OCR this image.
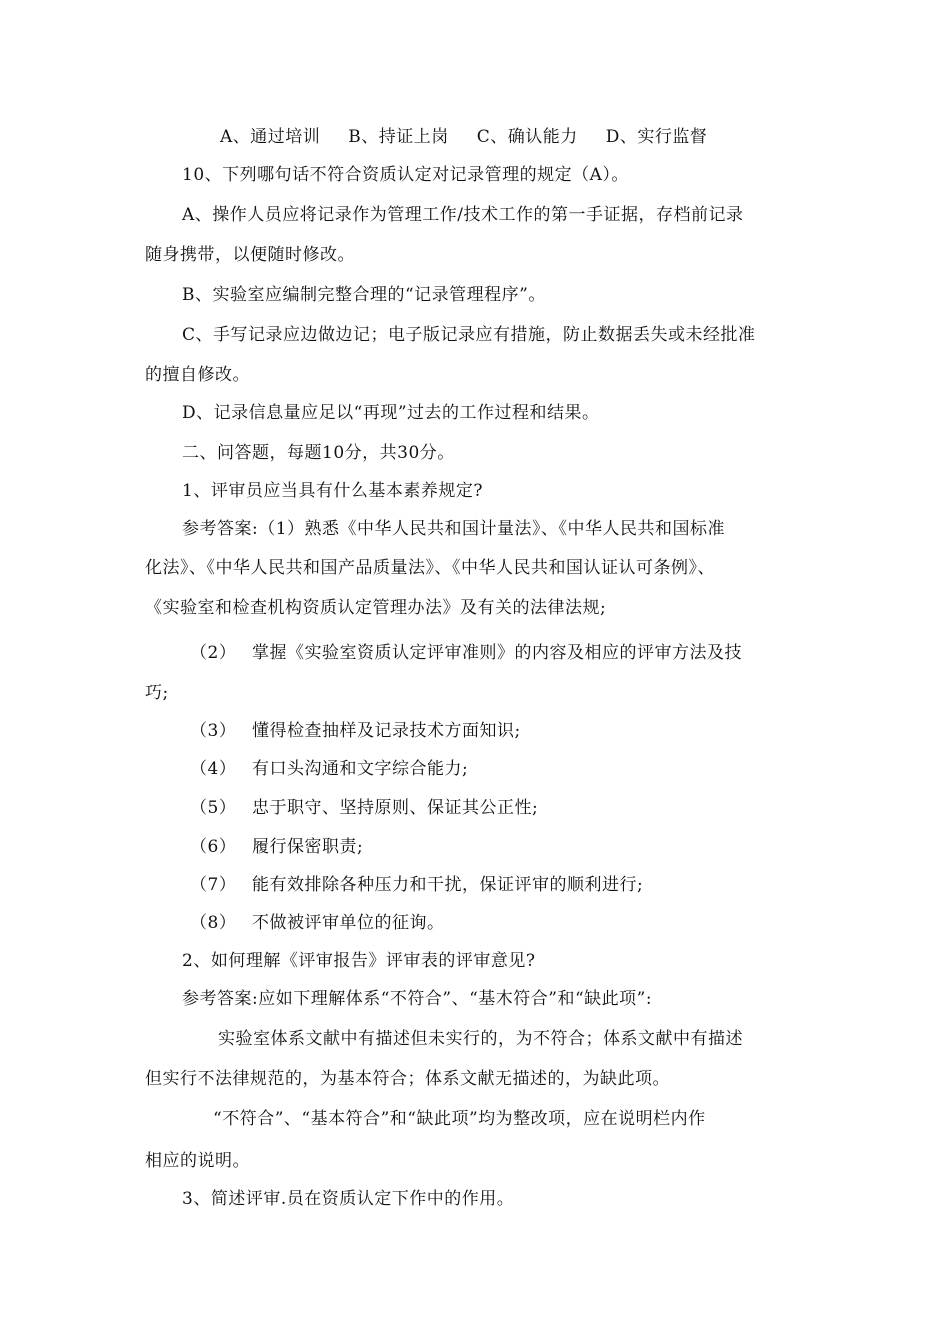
A、通过培训 B、持证上岗 C、确认能力 D、实行监督
10、下列哪句话不符合资质认定对记录管理的规定（A）。
A、操作人员应将记录作为管理工作/技术工作的第一手证据，存档前记录
随身携带，以便随时修改。
B、实验室应编制完整合理的“记录管理程序”。
C、手写记录应边做边记；电子版记录应有措施，防止数据丢失或未经批准
的擅自修改。
D、记录信息量应足以“再现”过去的工作过程和结果。
二、问答题，每题10分，共30分。
1、评审员应当具有什么基本素养规定?
参考答案:（1）熟悉《中华人民共和国计量法》、《中华人民共和国标准
化法》、《中华人民共和国产品质量法》、《中华人民共和国认证认可条例》、
《实验室和检查机构资质认定管理办法》及有关的法律法规;
（2） 掌握《实验室资质认定评审准则》的内容及相应的评审方法及技
巧;
（3） 懂得检查抽样及记录技术方面知识;
（4） 有口头沟通和文字综合能力;
（5） 忠于职守、坚持原则、保证其公正性;
（6） 履行保密职责;
（7） 能有效排除各种压力和干扰，保证评审的顺利进行;
（8） 不做被评审单位的征询。
2、如何理解《评审报告》评审表的评审意见?
参考答案:应如下理解体系“不符合”、“基木符合”和“缺此项”:
实验室体系文献中有描述但未实行的，为不符合；体系文献中有描述
但实行不法律规范的，为基本符合；体系文献无描述的，为缺此项。
“不符合”、“基本符合”和“缺此项”均为整改项，应在说明栏内作
相应的说明。
3、简述评审.员在资质认定下作中的作用。
